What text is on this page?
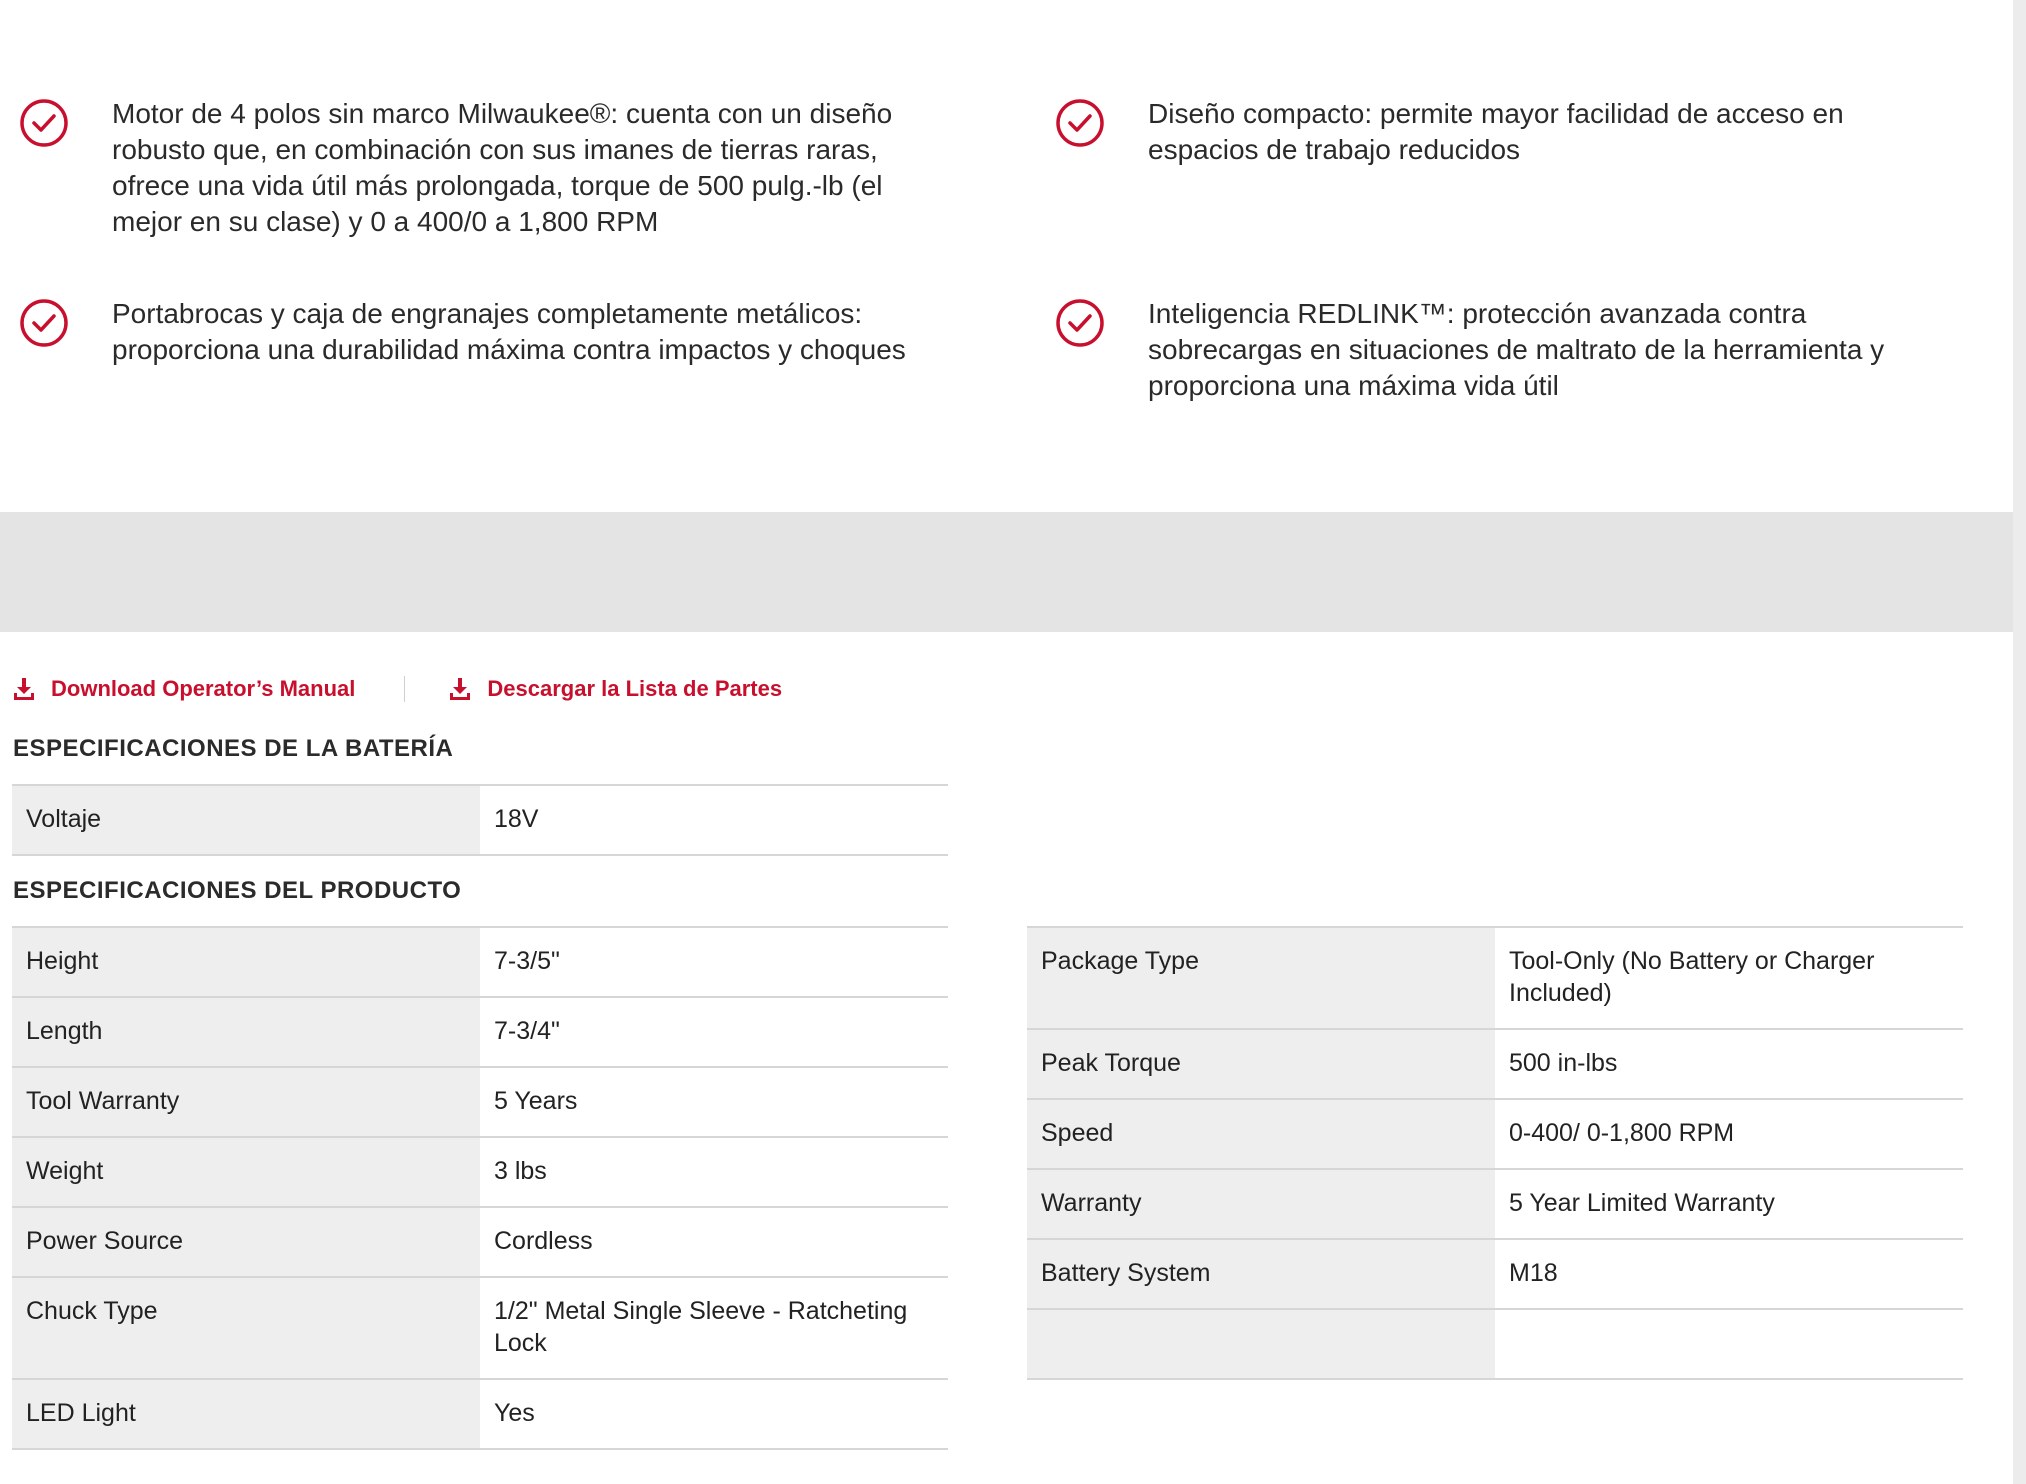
Motor de 4 polos sin marco Milwaukee®: cuenta con un diseño robusto que, en combinación con sus imanes de tierras raras, ofrece una vida útil más prolongada, torque de 500 pulg.-lb (el mejor en su clase) y 0 a 400/0 a 1,800 RPM
Diseño compacto: permite mayor facilidad de acceso en espacios de trabajo reducidos
Portabrocas y caja de engranajes completamente metálicos: proporciona una durabilidad máxima contra impactos y choques
Inteligencia REDLINK™: protección avanzada contra sobrecargas en situaciones de maltrato de la herramienta y proporciona una máxima vida útil
Download Operator’s Manual	Descargar la Lista de Partes
ESPECIFICACIONES DE LA BATERÍA
Voltaje	18V
ESPECIFICACIONES DEL PRODUCTO
Height	7-3/5"
Length	7-3/4"
Tool Warranty	5 Years
Weight	3 lbs
Power Source	Cordless
Chuck Type	1/2" Metal Single Sleeve - Ratcheting Lock
LED Light	Yes
Package Type	Tool-Only (No Battery or Charger Included)
Peak Torque	500 in-lbs
Speed	0-400/ 0-1,800 RPM
Warranty	5 Year Limited Warranty
Battery System	M18
